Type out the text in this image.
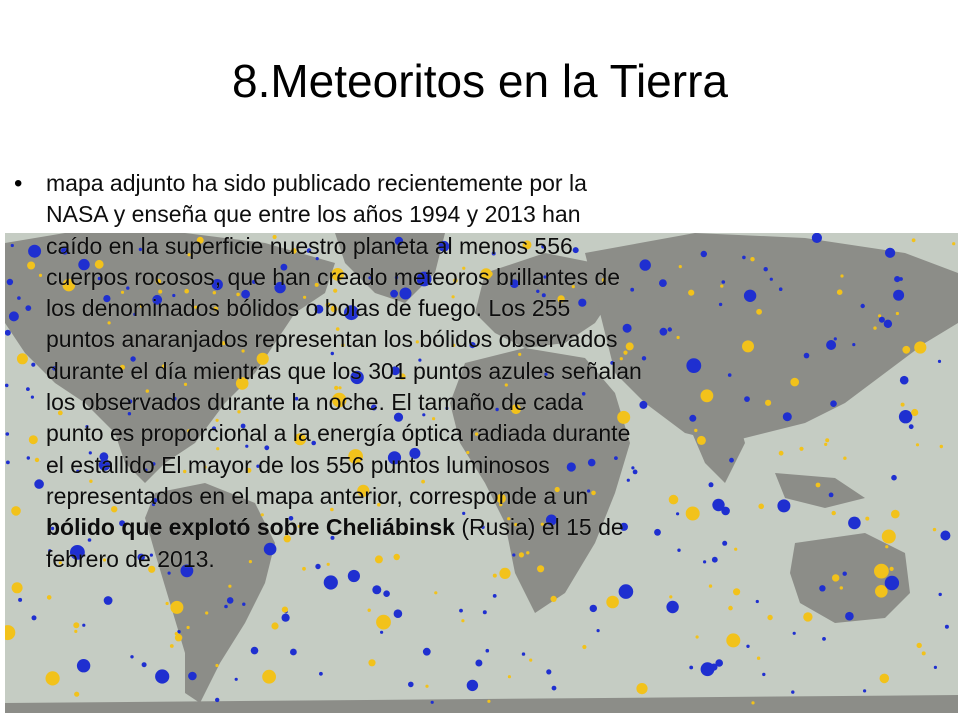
8.Meteoritos en la Tierra
• mapa adjunto ha sido publicado recientemente por la NASA y enseña que entre los años 1994 y 2013 han caído en la superficie nuestro planeta al menos 556 cuerpos rocosos, que han creado meteoros brillantes de los denominados bólidos o bolas de fuego. Los 255 puntos anaranjados representan los bólidos observados durante el día mientras que los 301 puntos azules señalan los observados durante la noche. El tamaño de cada punto es proporcional a la energía óptica radiada durante el estallido El mayor de los 556 puntos luminosos representados en el mapa anterior, corresponde a un bólido que explotó sobre Cheliábinsk (Rusia) el 15 de febrero de 2013.
